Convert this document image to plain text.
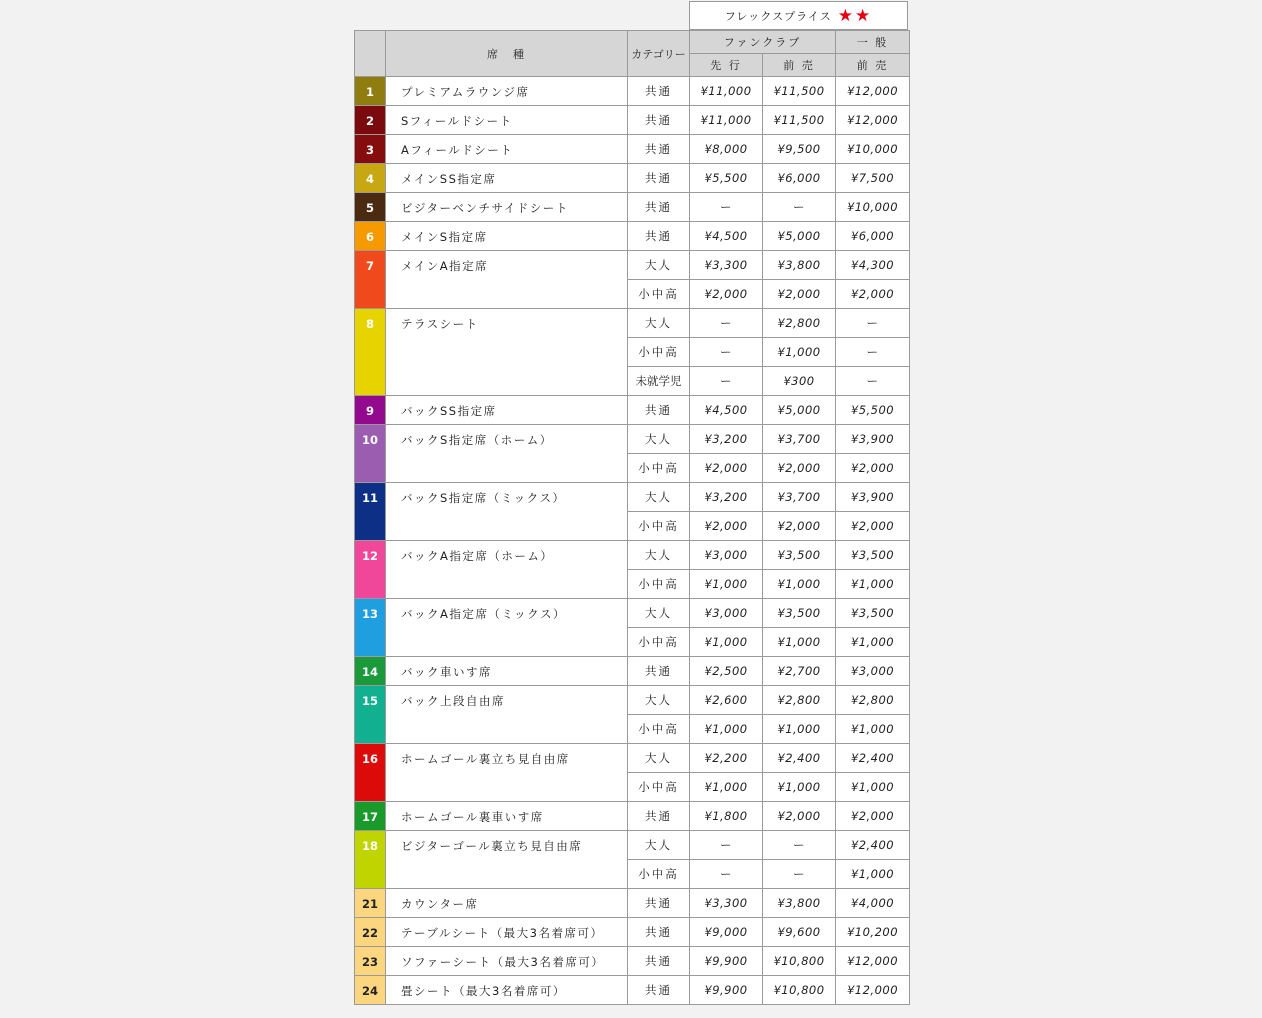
フレックスプライス ★★
	席　種	カテゴリー	ファンクラブ		一 般
			先 行	前 売	前 売
1	プレミアムラウンジ席	共通	¥11,000	¥11,500	¥12,000
2	Sフィールドシート	共通	¥11,000	¥11,500	¥12,000
3	Aフィールドシート	共通	¥8,000	¥9,500	¥10,000
4	メインSS指定席	共通	¥5,500	¥6,000	¥7,500
5	ビジターベンチサイドシート	共通	ー	ー	¥10,000
6	メインS指定席	共通	¥4,500	¥5,000	¥6,000
7	メインA指定席	大人	¥3,300	¥3,800	¥4,300
		小中高	¥2,000	¥2,000	¥2,000
8	テラスシート	大人	ー	¥2,800	ー
		小中高	ー	¥1,000	ー
		未就学児	ー	¥300	ー
9	バックSS指定席	共通	¥4,500	¥5,000	¥5,500
10	バックS指定席（ホーム）	大人	¥3,200	¥3,700	¥3,900
		小中高	¥2,000	¥2,000	¥2,000
11	バックS指定席（ミックス）	大人	¥3,200	¥3,700	¥3,900
		小中高	¥2,000	¥2,000	¥2,000
12	バックA指定席（ホーム）	大人	¥3,000	¥3,500	¥3,500
		小中高	¥1,000	¥1,000	¥1,000
13	バックA指定席（ミックス）	大人	¥3,000	¥3,500	¥3,500
		小中高	¥1,000	¥1,000	¥1,000
14	バック車いす席	共通	¥2,500	¥2,700	¥3,000
15	バック上段自由席	大人	¥2,600	¥2,800	¥2,800
		小中高	¥1,000	¥1,000	¥1,000
16	ホームゴール裏立ち見自由席	大人	¥2,200	¥2,400	¥2,400
		小中高	¥1,000	¥1,000	¥1,000
17	ホームゴール裏車いす席	共通	¥1,800	¥2,000	¥2,000
18	ビジターゴール裏立ち見自由席	大人	ー	ー	¥2,400
		小中高	ー	ー	¥1,000
21	カウンター席	共通	¥3,300	¥3,800	¥4,000
22	テーブルシート（最大3名着席可）	共通	¥9,000	¥9,600	¥10,200
23	ソファーシート（最大3名着席可）	共通	¥9,900	¥10,800	¥12,000
24	畳シート（最大3名着席可）	共通	¥9,900	¥10,800	¥12,000
